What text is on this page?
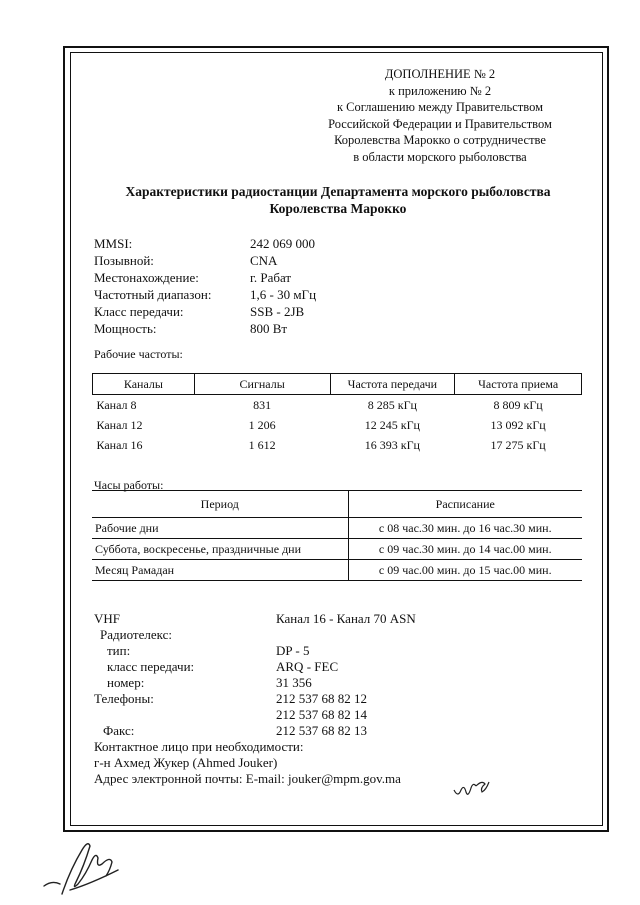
ДОПОЛНЕНИЕ № 2
к приложению № 2
к Соглашению между Правительством
Российской Федерации и Правительством
Королевства Марокко о сотрудничестве
в области морского рыболовства
Характеристики радиостанции Департамента морского рыболовства
Королевства Марокко
MMSI:	242 069 000
Позывной:	CNA
Местонахождение:	г. Рабат
Частотный диапазон:	1,6 - 30 мГц
Класс передачи:	SSB - 2JB
Мощность:	800 Вт
Рабочие частоты:
Каналы	Сигналы	Частота передачи	Частота приема
Канал 8	831	8 285 кГц	8 809 кГц
Канал 12	1 206	12 245 кГц	13 092 кГц
Канал 16	1 612	16 393 кГц	17 275 кГц
Часы работы:
Период	Расписание
Рабочие дни	с 08 час.30 мин. до 16 час.30 мин.
Суббота, воскресенье, праздничные дни	с 09 час.30 мин. до 14 час.00 мин.
Месяц Рамадан	с 09 час.00 мин. до 15 час.00 мин.
VHF	Канал 16 - Канал 70 ASN
Радиотелекс:
тип:	DP - 5
класс передачи:	ARQ - FEC
номер:	31 356
Телефоны:	212 537 68 82 12
212 537 68 82 14
Факс:	212 537 68 82 13
Контактное лицо при необходимости:
г-н Ахмед Жукер (Ahmed Jouker)
Адрес электронной почты: E-mail: jouker@mpm.gov.ma
